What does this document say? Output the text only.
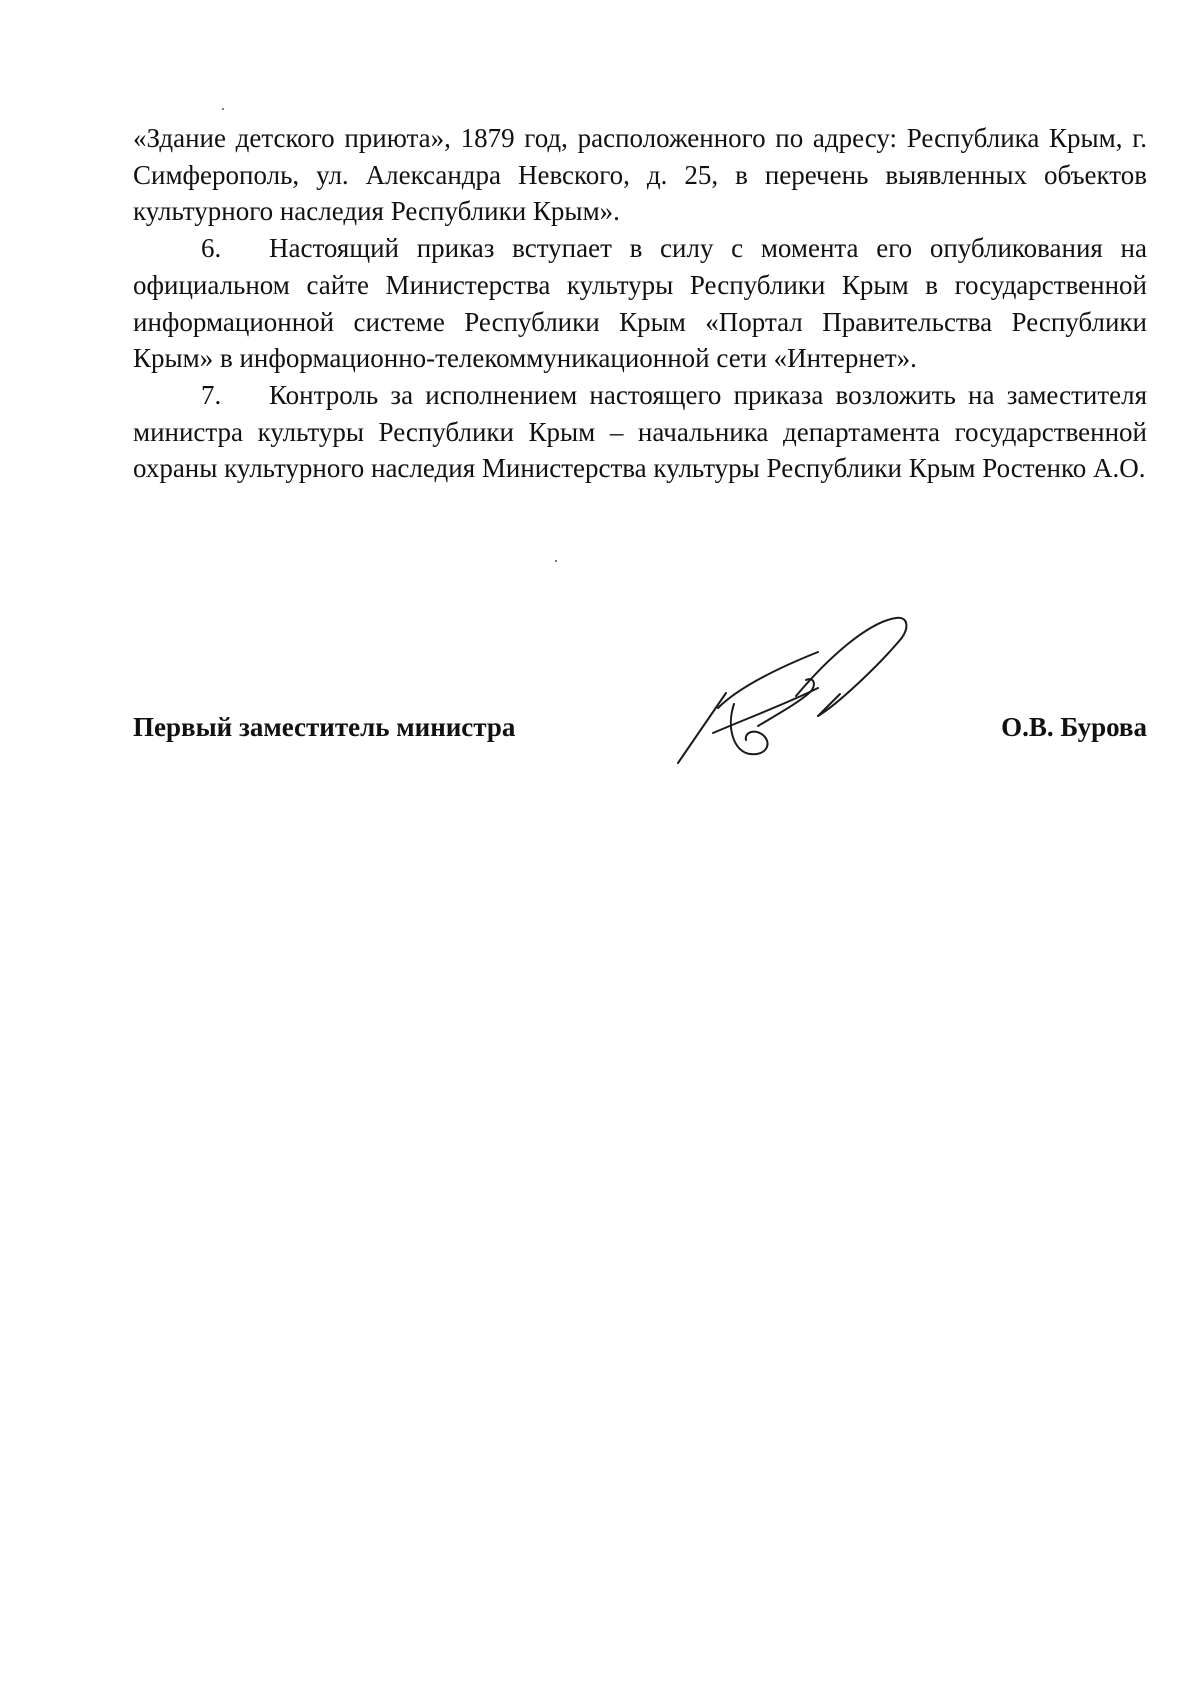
«Здание детского приюта», 1879 год, расположенного по адресу: Республика Крым, г. Симферополь, ул. Александра Невского, д. 25, в перечень выявленных объектов культурного наследия Республики Крым».

6. Настоящий приказ вступает в силу с момента его опубликования на официальном сайте Министерства культуры Республики Крым в государственной информационной системе Республики Крым «Портал Правительства Республики Крым» в информационно-телекоммуникационной сети «Интернет».

7. Контроль за исполнением настоящего приказа возложить на заместителя министра культуры Республики Крым – начальника департамента государственной охраны культурного наследия Министерства культуры Республики Крым Ростенко А.О.

Первый заместитель министра	О.В. Бурова
